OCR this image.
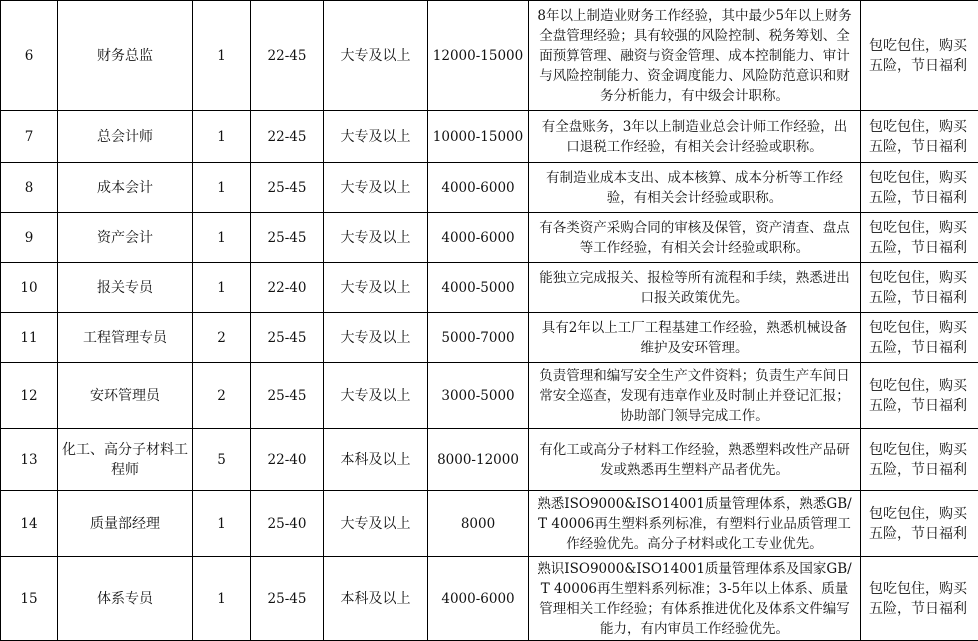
6	财务总监	1	22-45	大专及以上	12000-15000	8年以上制造业财务工作经验，其中最少5年以上财务全盘管理经验；具有较强的风险控制、税务筹划、全面预算管理、融资与资金管理、成本控制能力、审计与风险控制能力、资金调度能力、风险防范意识和财务分析能力，有中级会计职称。	包吃包住，购买五险，节日福利
7	总会计师	1	22-45	大专及以上	10000-15000	有全盘账务，3年以上制造业总会计师工作经验，出口退税工作经验，有相关会计经验或职称。	包吃包住，购买五险，节日福利
8	成本会计	1	25-45	大专及以上	4000-6000	有制造业成本支出、成本核算、成本分析等工作经验，有相关会计经验或职称。	包吃包住，购买五险，节日福利
9	资产会计	1	25-45	大专及以上	4000-6000	有各类资产采购合同的审核及保管，资产清查、盘点等工作经验，有相关会计经验或职称。	包吃包住，购买五险，节日福利
10	报关专员	1	22-40	大专及以上	4000-5000	能独立完成报关、报检等所有流程和手续，熟悉进出口报关政策优先。	包吃包住，购买五险，节日福利
11	工程管理专员	2	25-45	大专及以上	5000-7000	具有2年以上工厂工程基建工作经验，熟悉机械设备维护及安环管理。	包吃包住，购买五险，节日福利
12	安环管理员	2	25-45	大专及以上	3000-5000	负责管理和编写安全生产文件资料；负责生产车间日常安全巡查，发现有违章作业及时制止并登记汇报；协助部门领导完成工作。	包吃包住，购买五险，节日福利
13	化工、高分子材料工程师	5	22-40	本科及以上	8000-12000	有化工或高分子材料工作经验，熟悉塑料改性产品研发或熟悉再生塑料产品者优先。	包吃包住，购买五险，节日福利
14	质量部经理	1	25-40	大专及以上	8000	熟悉ISO9000&ISO14001质量管理体系，熟悉GB/T 40006再生塑料系列标准，有塑料行业品质管理工作经验优先。高分子材料或化工专业优先。	包吃包住，购买五险，节日福利
15	体系专员	1	25-45	本科及以上	4000-6000	熟识ISO9000&ISO14001质量管理体系及国家GB/T 40006再生塑料系列标准；3-5年以上体系、质量管理相关工作经验；有体系推进优化及体系文件编写能力，有内审员工作经验优先。	包吃包住，购买五险，节日福利
